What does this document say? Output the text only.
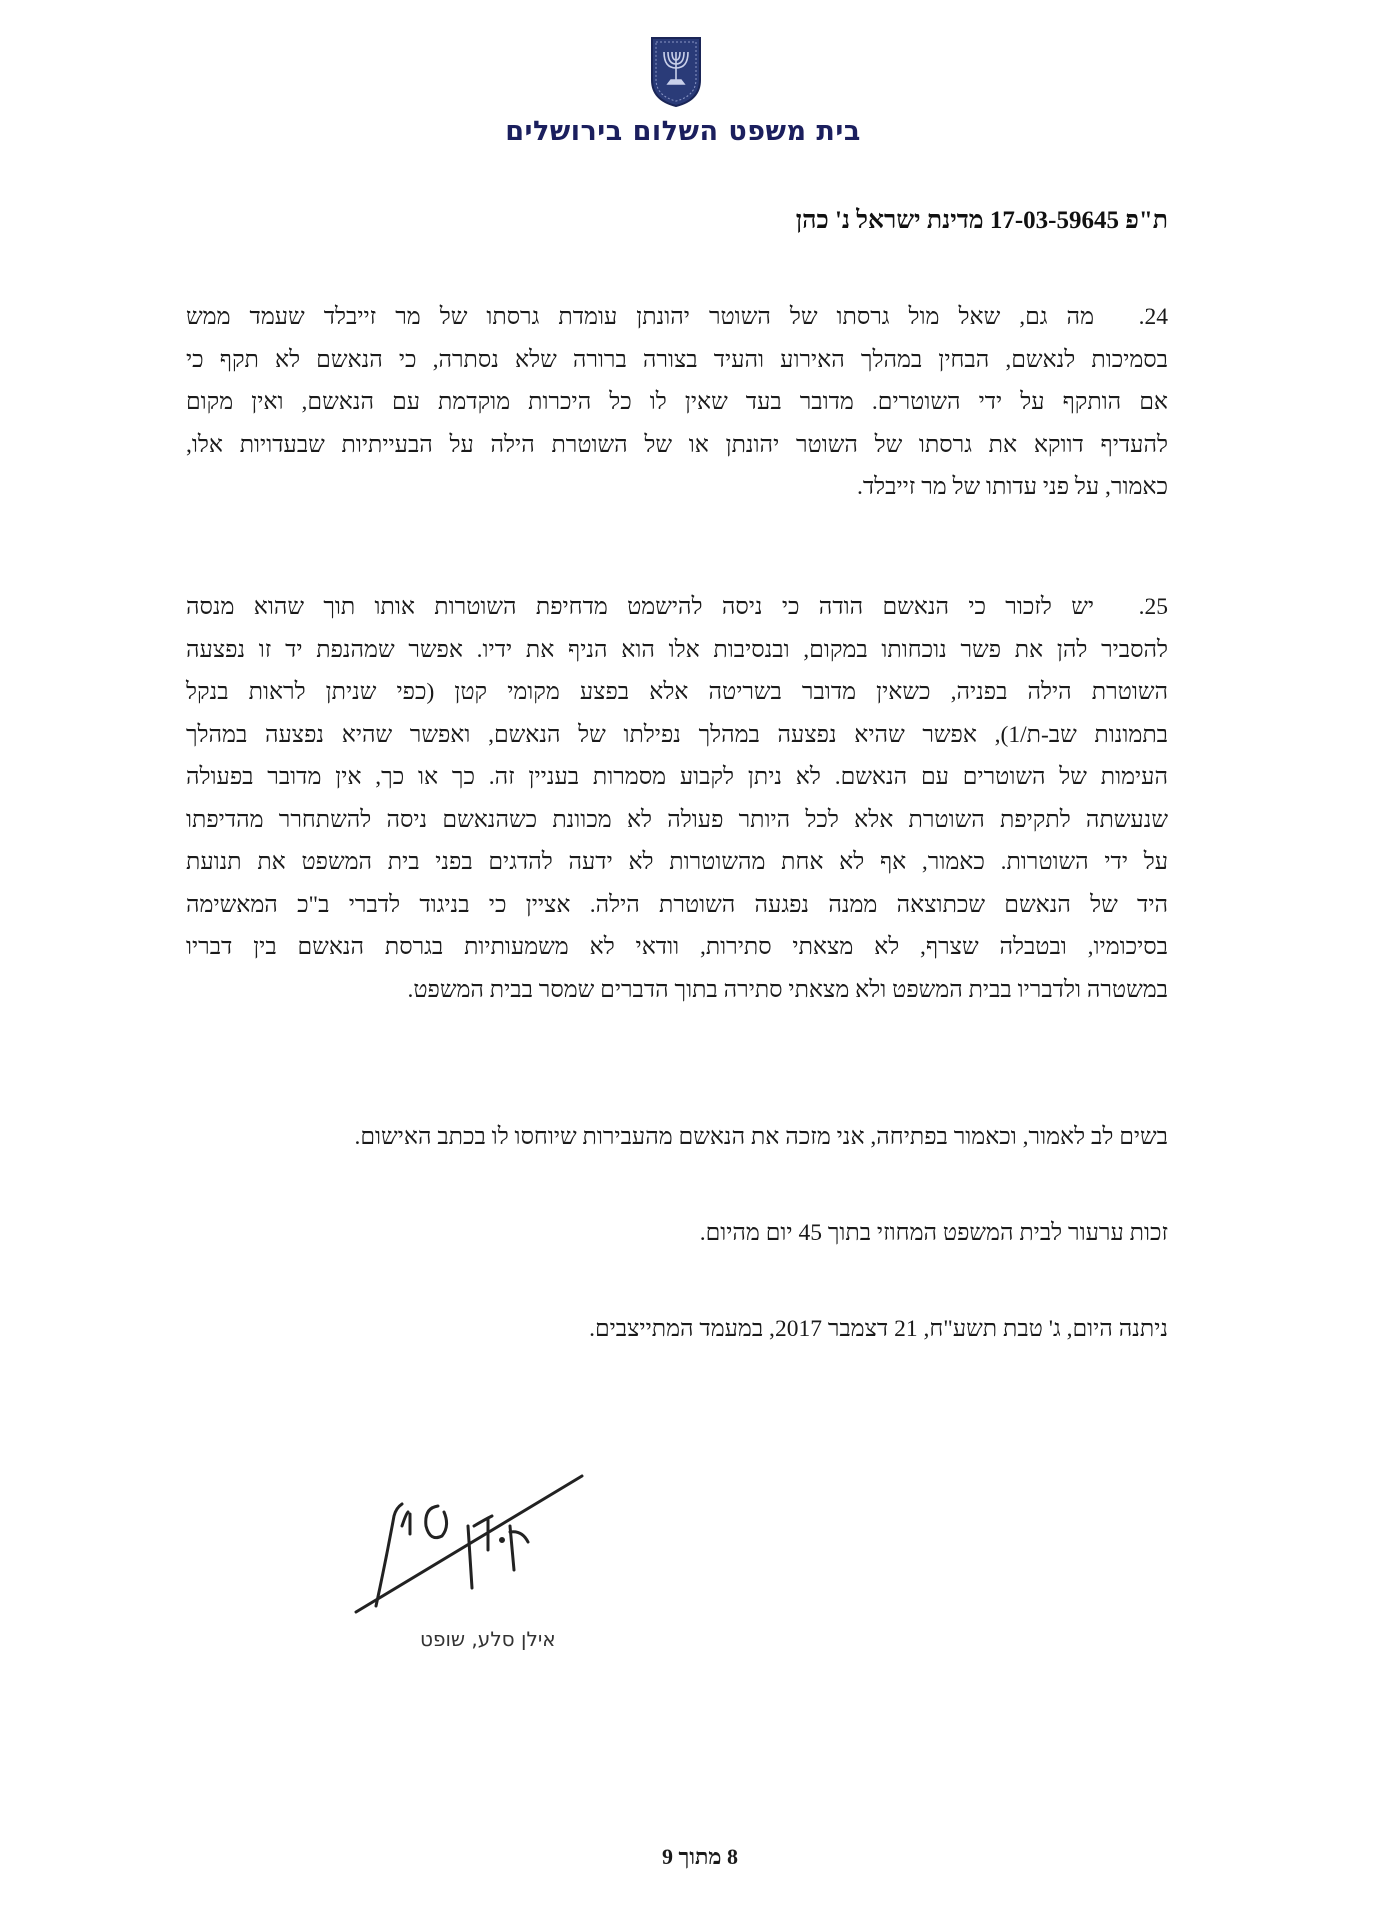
בית משפט השלום בירושלים
ת"פ 17-03-59645 מדינת ישראל נ' כהן
24.מה גם, שאל מול גרסתו של השוטר יהונתן עומדת גרסתו של מר זייבלד שעמד ממש
בסמיכות לנאשם, הבחין במהלך האירוע והעיד בצורה ברורה שלא נסתרה, כי הנאשם לא תקף כי
אם הותקף על ידי השוטרים. מדובר בעד שאין לו כל היכרות מוקדמת עם הנאשם, ואין מקום
להעדיף דווקא את גרסתו של השוטר יהונתן או של השוטרת הילה על הבעייתיות שבעדויות אלו,
כאמור, על פני עדותו של מר זייבלד.
25.יש לזכור כי הנאשם הודה כי ניסה להישמט מדחיפת השוטרות אותו תוך שהוא מנסה
להסביר להן את פשר נוכחותו במקום, ובנסיבות אלו הוא הניף את ידיו. אפשר שמהנפת יד זו נפצעה
השוטרת הילה בפניה, כשאין מדובר בשריטה אלא בפצע מקומי קטן (כפי שניתן לראות בנקל
בתמונות שב-ת/1), אפשר שהיא נפצעה במהלך נפילתו של הנאשם, ואפשר שהיא נפצעה במהלך
העימות של השוטרים עם הנאשם. לא ניתן לקבוע מסמרות בעניין זה. כך או כך, אין מדובר בפעולה
שנעשתה לתקיפת השוטרת אלא לכל היותר פעולה לא מכוונת כשהנאשם ניסה להשתחרר מהדיפתו
על ידי השוטרות. כאמור, אף לא אחת מהשוטרות לא ידעה להדגים בפני בית המשפט את תנועת
היד של הנאשם שכתוצאה ממנה נפגעה השוטרת הילה. אציין כי בניגוד לדברי ב"כ המאשימה
בסיכומיו, ובטבלה שצרף, לא מצאתי סתירות, וודאי לא משמעותיות בגרסת הנאשם בין דבריו
במשטרה ולדבריו בבית המשפט ולא מצאתי סתירה בתוך הדברים שמסר בבית המשפט.
בשים לב לאמור, וכאמור בפתיחה, אני מזכה את הנאשם מהעבירות שיוחסו לו בכתב האישום.
זכות ערעור לבית המשפט המחוזי בתוך 45 יום מהיום.
ניתנה היום, ג' טבת תשע"ח, 21 דצמבר 2017, במעמד המתייצבים.
אילן סלע, שופט
8 מתוך 9
